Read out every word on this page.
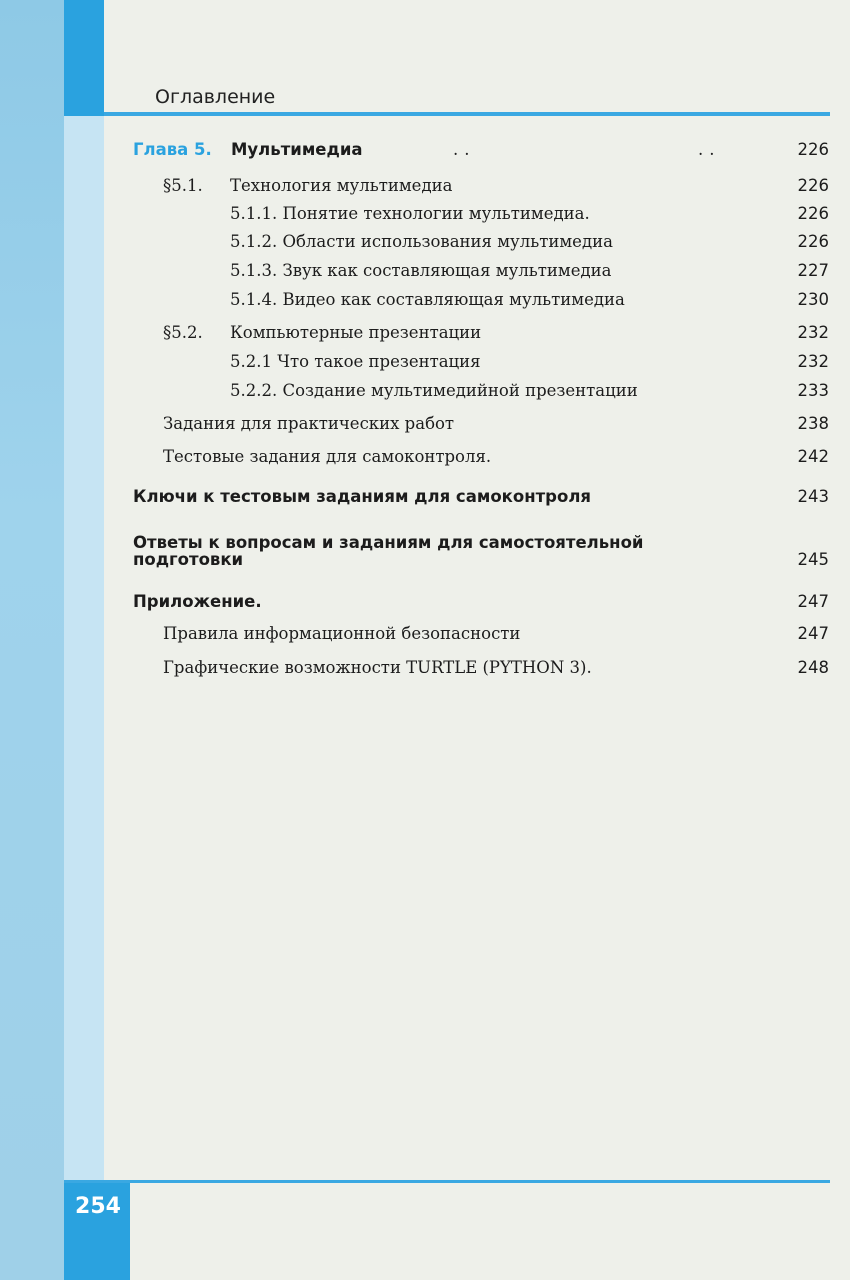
Оглавление
Глава 5. Мультимедиа	..	..	226
§5.1. Технология мультимедиа	226
5.1.1. Понятие технологии мультимедиа.	226
5.1.2. Области использования мультимедиа	226
5.1.3. Звук как составляющая мультимедиа	227
5.1.4. Видео как составляющая мультимедиа	230
§5.2. Компьютерные презентации	232
5.2.1 Что такое презентация	232
5.2.2. Создание мультимедийной презентации	233
Задания для практических работ	238
Тестовые задания для самоконтроля.	242
Ключи к тестовым заданиям для самоконтроля	243
Ответы к вопросам и заданиям для самостоятельной
подготовки	245
Приложение.	247
Правила информационной безопасности	247
Графические возможности TURTLE (PYTHON 3).	248
254
